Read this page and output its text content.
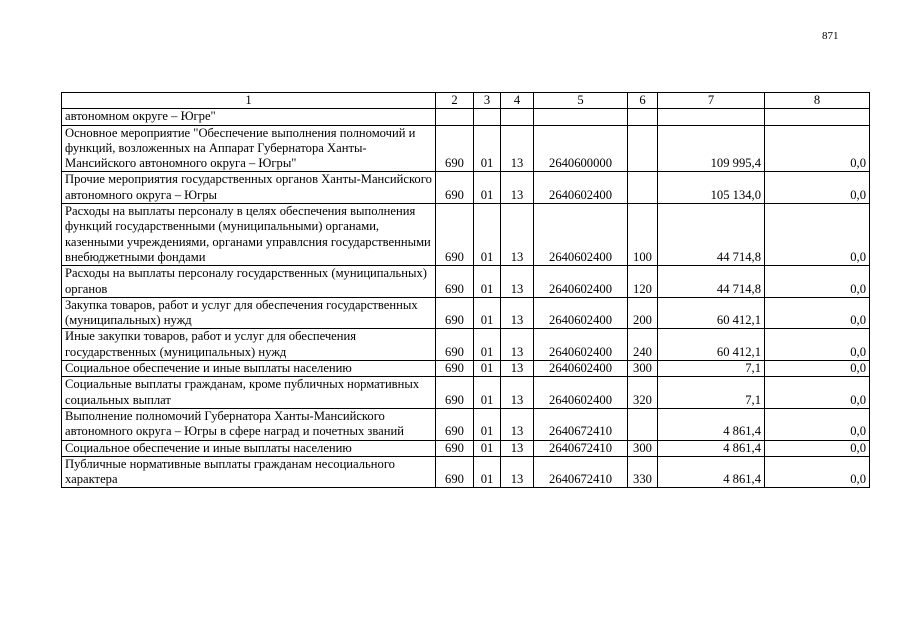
871
1	2	3	4	5	6	7	8
автономном округе – Югре"							
Основное мероприятие "Обеспечение выполнения полномочий и функций, возложенных на Аппарат Губернатора Ханты-Мансийского автономного округа – Югры"	690	01	13	2640600000		109 995,4	0,0
Прочие мероприятия государственных органов Ханты-Мансийского автономного округа – Югры	690	01	13	2640602400		105 134,0	0,0
Расходы на выплаты персоналу в целях обеспечения выполнения функций государственными (муниципальными) органами, казенными учреждениями, органами управлсния государственными внебюджетными фондами	690	01	13	2640602400	100	44 714,8	0,0
Расходы на выплаты персоналу государственных (муниципальных) органов	690	01	13	2640602400	120	44 714,8	0,0
Закупка товаров, работ и услуг для обеспечения государственных (муниципальных) нужд	690	01	13	2640602400	200	60 412,1	0,0
Иные закупки товаров, работ и услуг для обеспечения государственных (муниципальных) нужд	690	01	13	2640602400	240	60 412,1	0,0
Социальное обеспечение и иные выплаты населению	690	01	13	2640602400	300	7,1	0,0
Социальные выплаты гражданам, кроме публичных нормативных социальных выплат	690	01	13	2640602400	320	7,1	0,0
Выполнение полномочий Губернатора Ханты-Мансийского автономного округа – Югры в сфере наград и почетных званий	690	01	13	2640672410		4 861,4	0,0
Социальное обеспечение и иные выплаты населению	690	01	13	2640672410	300	4 861,4	0,0
Публичные нормативные выплаты гражданам несоциального характера	690	01	13	2640672410	330	4 861,4	0,0
